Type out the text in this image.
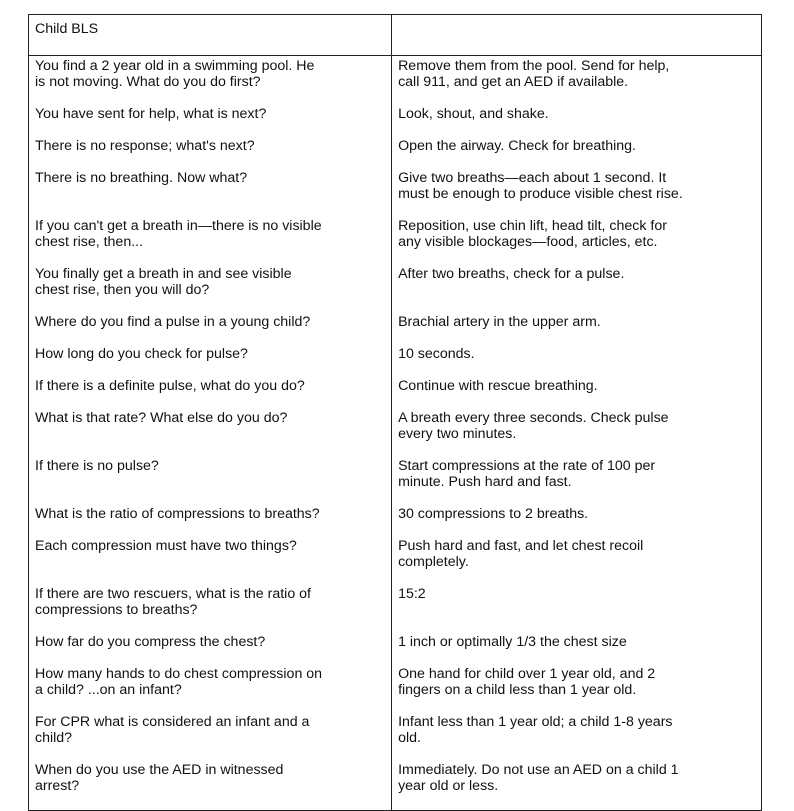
Child BLS	

You find a 2 year old in a swimming pool. He
is not moving. What do you do first?	Remove them from the pool. Send for help,
call 911, and get an AED if available.

You have sent for help, what is next?	Look, shout, and shake.

There is no response; what's next?	Open the airway. Check for breathing.

There is no breathing. Now what?	Give two breaths—each about 1 second. It
must be enough to produce visible chest rise.

If you can't get a breath in—there is no visible
chest rise, then...	Reposition, use chin lift, head tilt, check for
any visible blockages—food, articles, etc.

You finally get a breath in and see visible
chest rise, then you will do?	After two breaths, check for a pulse.

Where do you find a pulse in a young child?	Brachial artery in the upper arm.

How long do you check for pulse?	10 seconds.

If there is a definite pulse, what do you do?	Continue with rescue breathing.

What is that rate? What else do you do?	A breath every three seconds. Check pulse
every two minutes.

If there is no pulse?	Start compressions at the rate of 100 per
minute. Push hard and fast.

What is the ratio of compressions to breaths?	30 compressions to 2 breaths.

Each compression must have two things?	Push hard and fast, and let chest recoil
completely.

If there are two rescuers, what is the ratio of
compressions to breaths?	15:2

How far do you compress the chest?	1 inch or optimally 1/3 the chest size

How many hands to do chest compression on
a child? ...on an infant?	One hand for child over 1 year old, and 2
fingers on a child less than 1 year old.

For CPR what is considered an infant and a
child?	Infant less than 1 year old; a child 1-8 years
old.

When do you use the AED in witnessed
arrest?	Immediately. Do not use an AED on a child 1
year old or less.
